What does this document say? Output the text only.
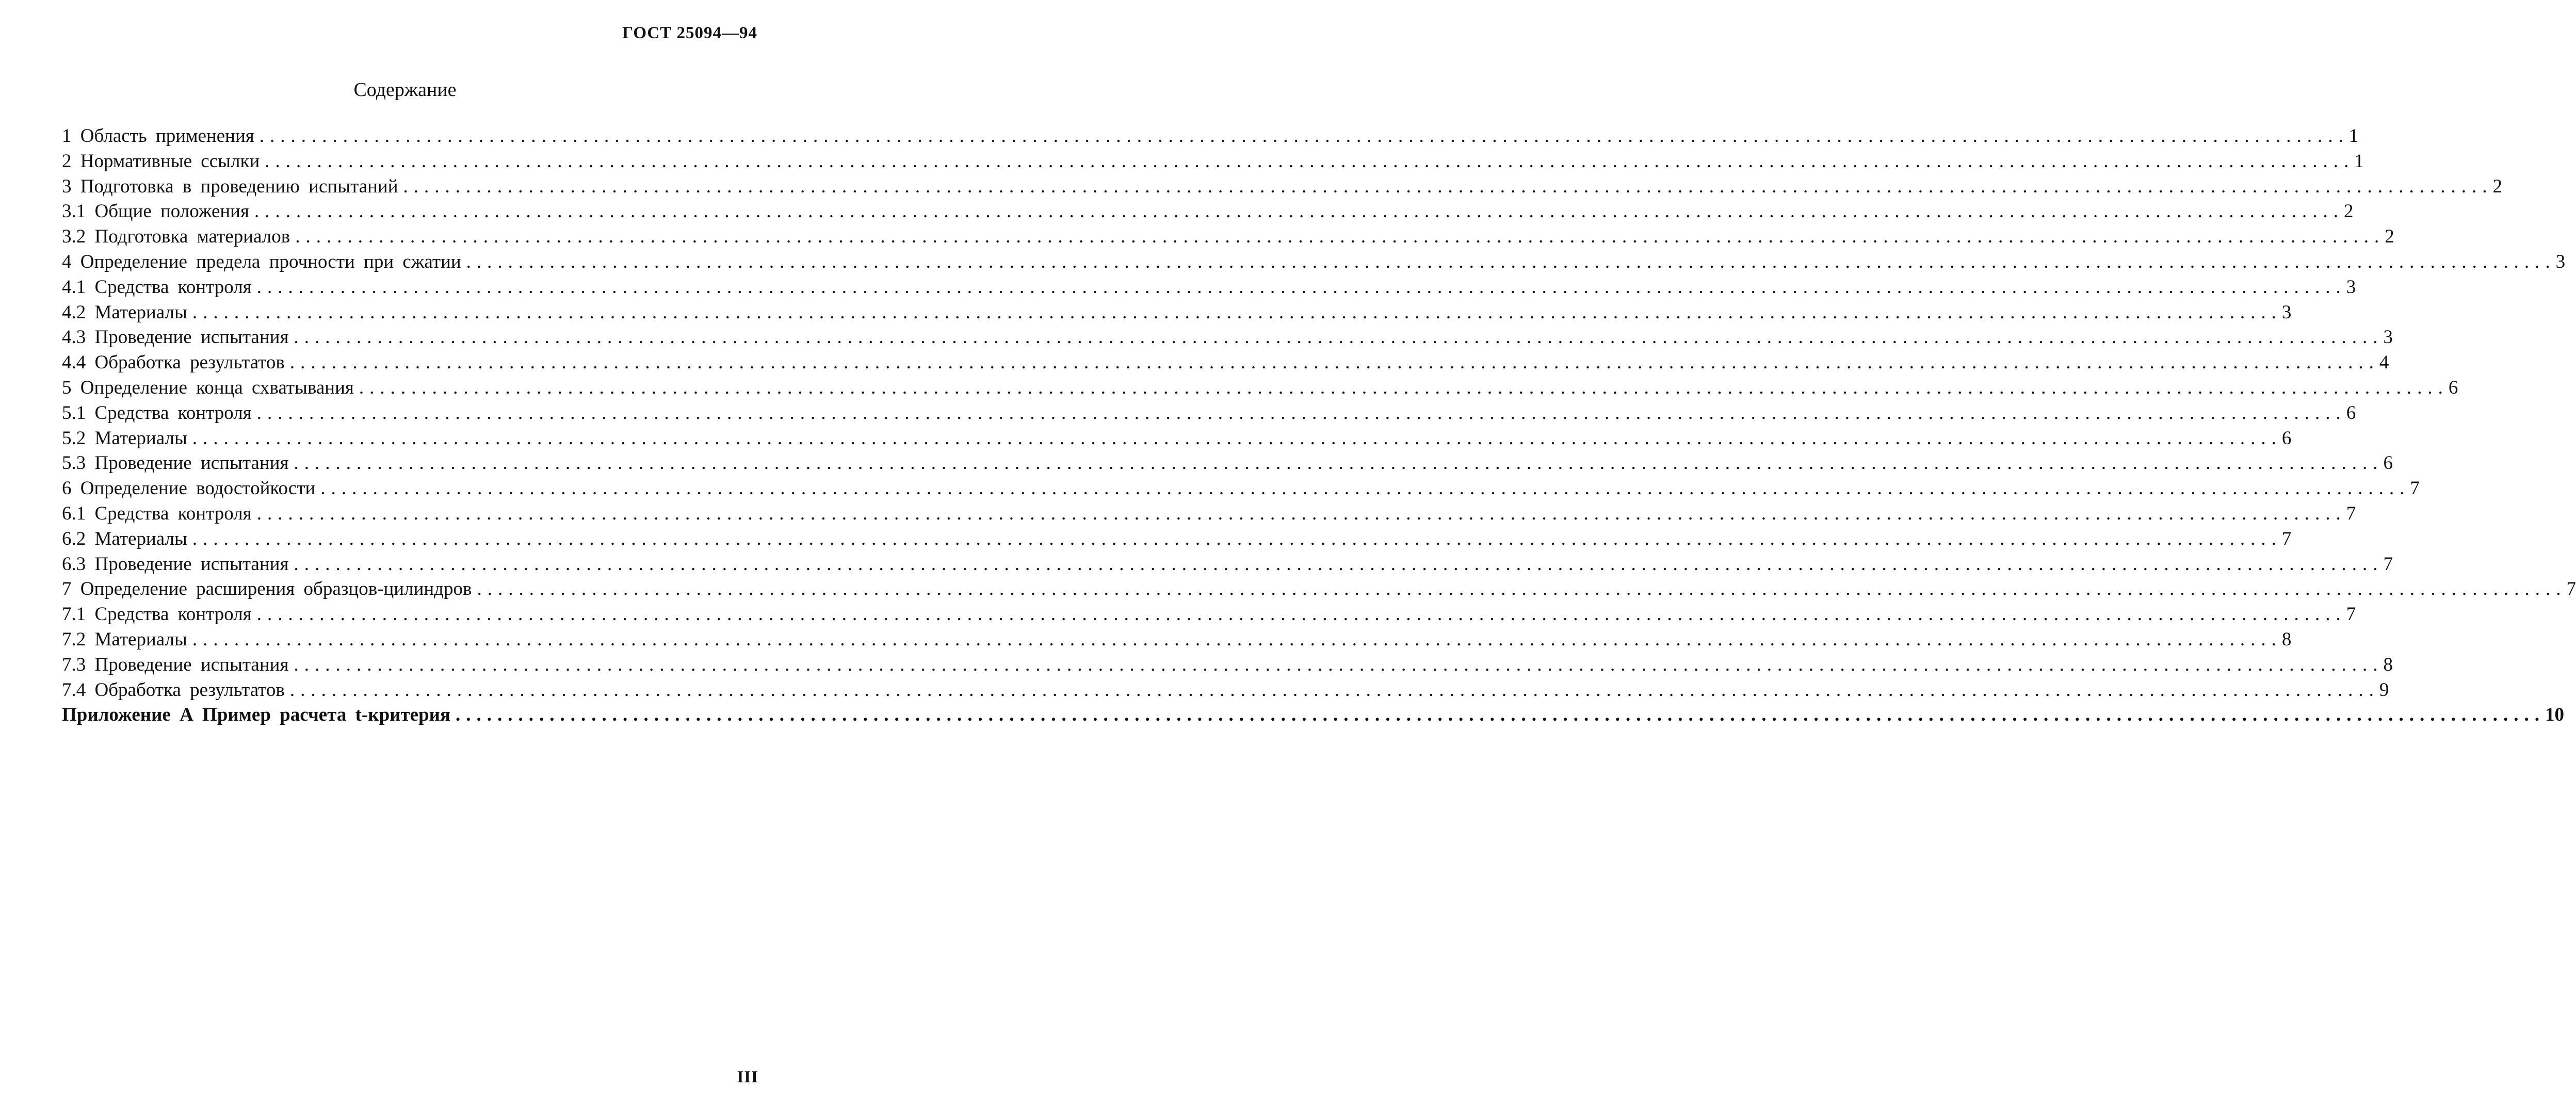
ГОСТ 25094—94
Содержание
1 Область применения ........................................................................................................................................................................................................ 1
2 Нормативные ссылки ........................................................................................................................................................................................................ 1
3 Подготовка в проведению испытаний ........................................................................................................................................................................................................ 2
3.1 Общие положения ........................................................................................................................................................................................................ 2
3.2 Подготовка материалов ........................................................................................................................................................................................................ 2
4 Определение предела прочности при сжатии ........................................................................................................................................................................................................ 3
4.1 Средства контроля ........................................................................................................................................................................................................ 3
4.2 Материалы ........................................................................................................................................................................................................ 3
4.3 Проведение испытания ........................................................................................................................................................................................................ 3
4.4 Обработка результатов ........................................................................................................................................................................................................ 4
5 Определение конца схватывания ........................................................................................................................................................................................................ 6
5.1 Средства контроля ........................................................................................................................................................................................................ 6
5.2 Материалы ........................................................................................................................................................................................................ 6
5.3 Проведение испытания ........................................................................................................................................................................................................ 6
6 Определение водостойкости ........................................................................................................................................................................................................ 7
6.1 Средства контроля ........................................................................................................................................................................................................ 7
6.2 Материалы ........................................................................................................................................................................................................ 7
6.3 Проведение испытания ........................................................................................................................................................................................................ 7
7 Определение расширения образцов-цилиндров ........................................................................................................................................................................................................ 7
7.1 Средства контроля ........................................................................................................................................................................................................ 7
7.2 Материалы ........................................................................................................................................................................................................ 8
7.3 Проведение испытания ........................................................................................................................................................................................................ 8
7.4 Обработка результатов ........................................................................................................................................................................................................ 9
Приложение А Пример расчета t-критерия ........................................................................................................................................................................................................ 10
III
